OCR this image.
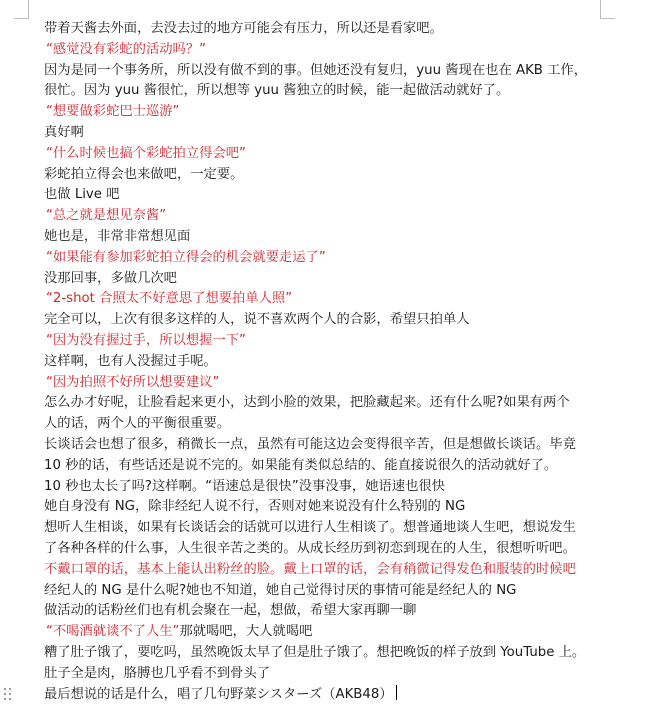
带着天酱去外面，去没去过的地方可能会有压力，所以还是看家吧。
“感觉没有彩蛇的活动吗？”
因为是同一个事务所，所以没有做不到的事。但她还没有复归，yuu 酱现在也在 AKB 工作，
很忙。因为 yuu 酱很忙，所以想等 yuu 酱独立的时候，能一起做活动就好了。
“想要做彩蛇巴士巡游”
真好啊
“什么时候也搞个彩蛇拍立得会吧”
彩蛇拍立得会也来做吧，一定要。
也做 Live 吧
“总之就是想见奈酱”
她也是，非常非常想见面
“如果能有参加彩蛇拍立得会的机会就要走运了”
没那回事，多做几次吧
“2-shot 合照太不好意思了想要拍单人照”
完全可以，上次有很多这样的人，说不喜欢两个人的合影，希望只拍单人
“因为没有握过手，所以想握一下”
这样啊，也有人没握过手呢。
“因为拍照不好所以想要建议”
怎么办才好呢，让脸看起来更小，达到小脸的效果，把脸藏起来。还有什么呢?如果有两个
人的话，两个人的平衡很重要。
长谈话会也想了很多，稍微长一点，虽然有可能这边会变得很辛苦，但是想做长谈话。毕竟
10 秒的话，有些话还是说不完的。如果能有类似总结的、能直接说很久的活动就好了。
10 秒也太长了吗?这样啊。“语速总是很快”没事没事，她语速也很快
她自身没有 NG，除非经纪人说不行，否则对她来说没有什么特别的 NG
想听人生相谈，如果有长谈话会的话就可以进行人生相谈了。想普通地谈人生吧，想说发生
了各种各样的什么事，人生很辛苦之类的。从成长经历到初恋到现在的人生，很想听听吧。
不戴口罩的话，基本上能认出粉丝的脸。戴上口罩的话，会有稍微记得发色和服装的时候吧
经纪人的 NG 是什么呢?她也不知道，她自己觉得讨厌的事情可能是经纪人的 NG
做活动的话粉丝们也有机会聚在一起，想做，希望大家再聊一聊
“不喝酒就谈不了人生”那就喝吧，大人就喝吧
糟了肚子饿了，要吃吗，虽然晚饭太早了但是肚子饿了。想把晚饭的样子放到 YouTube 上。
肚子全是肉，胳膊也几乎看不到骨头了
最后想说的话是什么，唱了几句野菜シスターズ（AKB48）
